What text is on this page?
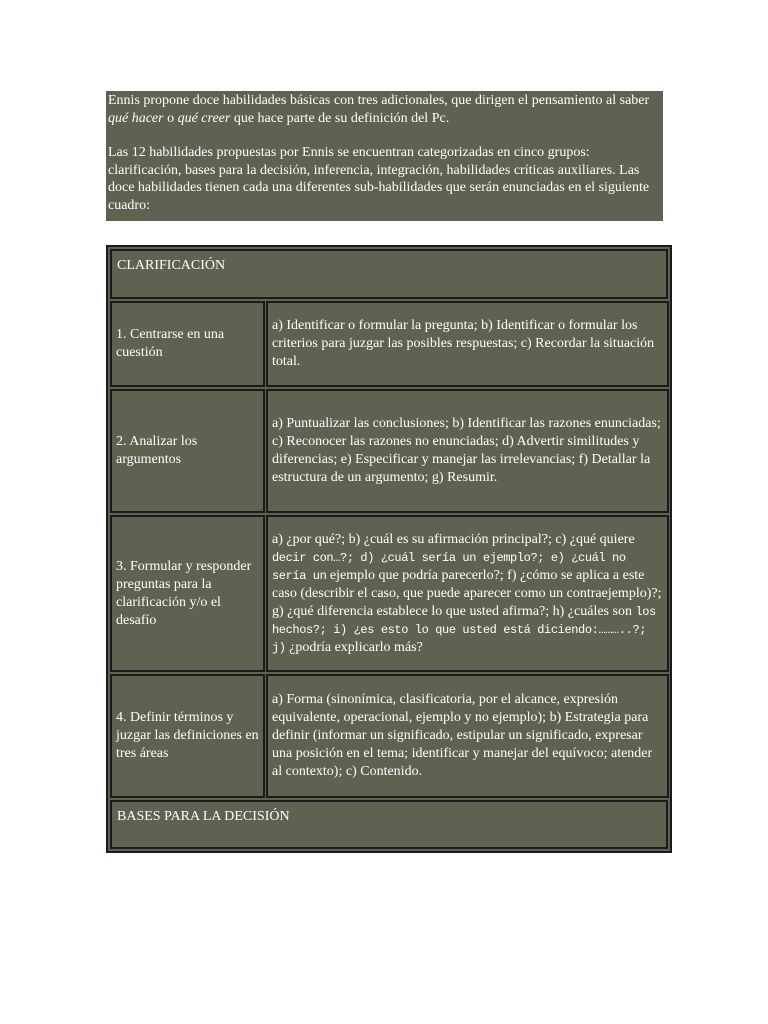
Ennis propone doce habilidades básicas con tres adicionales, que dirigen el pensamiento al saber qué hacer o qué creer que hace parte de su definición del Pc.

Las 12 habilidades propuestas por Ennis se encuentran categorizadas en cinco grupos: clarificación, bases para la decisión, inferencia, integración, habilidades críticas auxiliares. Las doce habilidades tienen cada una diferentes sub-habilidades que serán enunciadas en el siguiente cuadro:

CLARIFICACIÓN
1. Centrarse en una cuestión
a) Identificar o formular la pregunta; b) Identificar o formular los criterios para juzgar las posibles respuestas; c) Recordar la situación total.
2. Analizar los argumentos
a) Puntualizar las conclusiones; b) Identificar las razones enunciadas; c) Reconocer las razones no enunciadas; d) Advertir similitudes y diferencias; e) Especificar y manejar las irrelevancias; f) Detallar la estructura de un argumento; g) Resumir.
3. Formular y responder preguntas para la clarificación y/o el desafío
a) ¿por qué?; b) ¿cuál es su afirmación principal?; c) ¿qué quiere decir con…?; d) ¿cuál sería un ejemplo?; e) ¿cuál no sería un ejemplo que podría parecerlo?; f) ¿cómo se aplica a este caso (describir el caso, que puede aparecer como un contraejemplo)?; g) ¿qué diferencia establece lo que usted afirma?; h) ¿cuáles son los hechos?; i) ¿es esto lo que usted está diciendo:………..?; j) ¿podría explicarlo más?
4. Definir términos y juzgar las definiciones en tres áreas
a) Forma (sinonímica, clasificatoria, por el alcance, expresión equivalente, operacional, ejemplo y no ejemplo); b) Estrategia para definir (informar un significado, estipular un significado, expresar una posición en el tema; identificar y manejar del equívoco; atender al contexto); c) Contenido.
BASES PARA LA DECISIÓN
